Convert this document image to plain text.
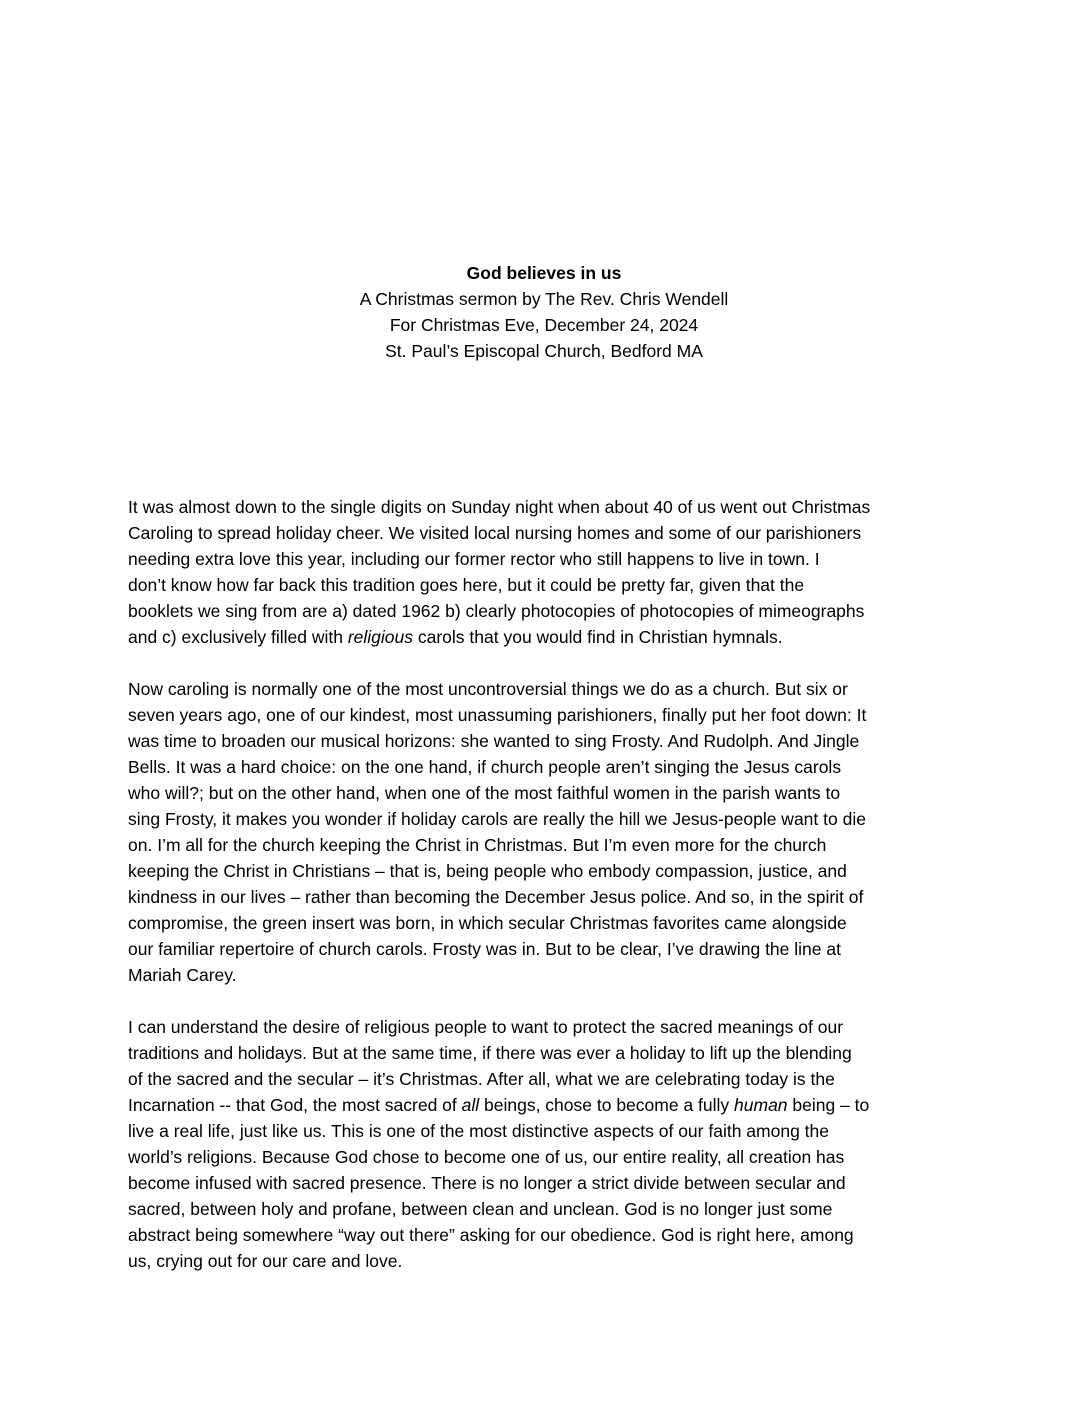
God believes in us
A Christmas sermon by The Rev. Chris Wendell
For Christmas Eve, December 24, 2024
St. Paul’s Episcopal Church, Bedford MA

It was almost down to the single digits on Sunday night when about 40 of us went out Christmas
Caroling to spread holiday cheer. We visited local nursing homes and some of our parishioners
needing extra love this year, including our former rector who still happens to live in town. I
don’t know how far back this tradition goes here, but it could be pretty far, given that the
booklets we sing from are a) dated 1962 b) clearly photocopies of photocopies of mimeographs
and c) exclusively filled with religious carols that you would find in Christian hymnals.

Now caroling is normally one of the most uncontroversial things we do as a church. But six or
seven years ago, one of our kindest, most unassuming parishioners, finally put her foot down: It
was time to broaden our musical horizons: she wanted to sing Frosty. And Rudolph. And Jingle
Bells. It was a hard choice: on the one hand, if church people aren’t singing the Jesus carols
who will?; but on the other hand, when one of the most faithful women in the parish wants to
sing Frosty, it makes you wonder if holiday carols are really the hill we Jesus-people want to die
on. I’m all for the church keeping the Christ in Christmas. But I’m even more for the church
keeping the Christ in Christians – that is, being people who embody compassion, justice, and
kindness in our lives – rather than becoming the December Jesus police. And so, in the spirit of
compromise, the green insert was born, in which secular Christmas favorites came alongside
our familiar repertoire of church carols. Frosty was in. But to be clear, I’ve drawing the line at
Mariah Carey.

I can understand the desire of religious people to want to protect the sacred meanings of our
traditions and holidays. But at the same time, if there was ever a holiday to lift up the blending
of the sacred and the secular – it’s Christmas. After all, what we are celebrating today is the
Incarnation -- that God, the most sacred of all beings, chose to become a fully human being – to
live a real life, just like us. This is one of the most distinctive aspects of our faith among the
world’s religions. Because God chose to become one of us, our entire reality, all creation has
become infused with sacred presence. There is no longer a strict divide between secular and
sacred, between holy and profane, between clean and unclean. God is no longer just some
abstract being somewhere “way out there” asking for our obedience. God is right here, among
us, crying out for our care and love.
